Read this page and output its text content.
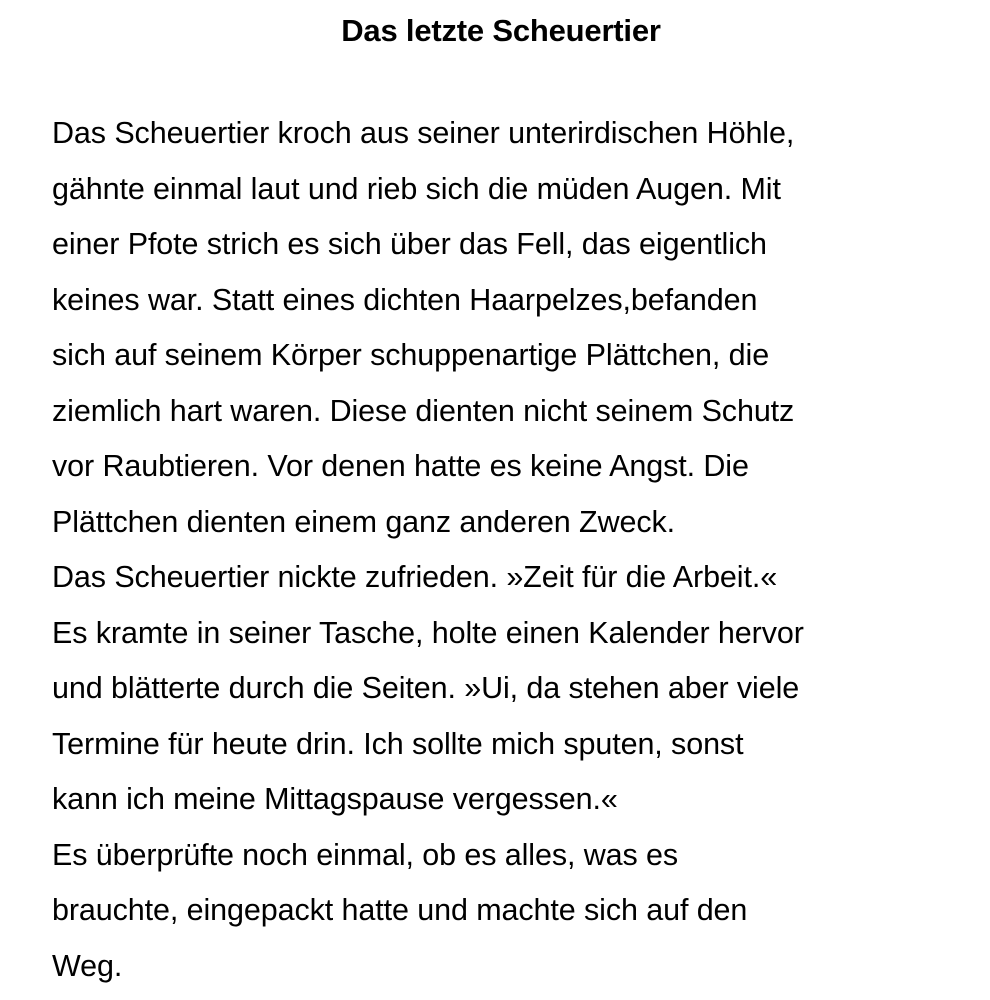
Das letzte Scheuertier
Das Scheuertier kroch aus seiner unterirdischen Höhle,
gähnte einmal laut und rieb sich die müden Augen. Mit
einer Pfote strich es sich über das Fell, das eigentlich
keines war. Statt eines dichten Haarpelzes,befanden
sich auf seinem Körper schuppenartige Plättchen, die
ziemlich hart waren. Diese dienten nicht seinem Schutz
vor Raubtieren. Vor denen hatte es keine Angst. Die
Plättchen dienten einem ganz anderen Zweck.
Das Scheuertier nickte zufrieden. »Zeit für die Arbeit.«
Es kramte in seiner Tasche, holte einen Kalender hervor
und blätterte durch die Seiten. »Ui, da stehen aber viele
Termine für heute drin. Ich sollte mich sputen, sonst
kann ich meine Mittagspause vergessen.«
Es überprüfte noch einmal, ob es alles, was es
brauchte, eingepackt hatte und machte sich auf den
Weg.
